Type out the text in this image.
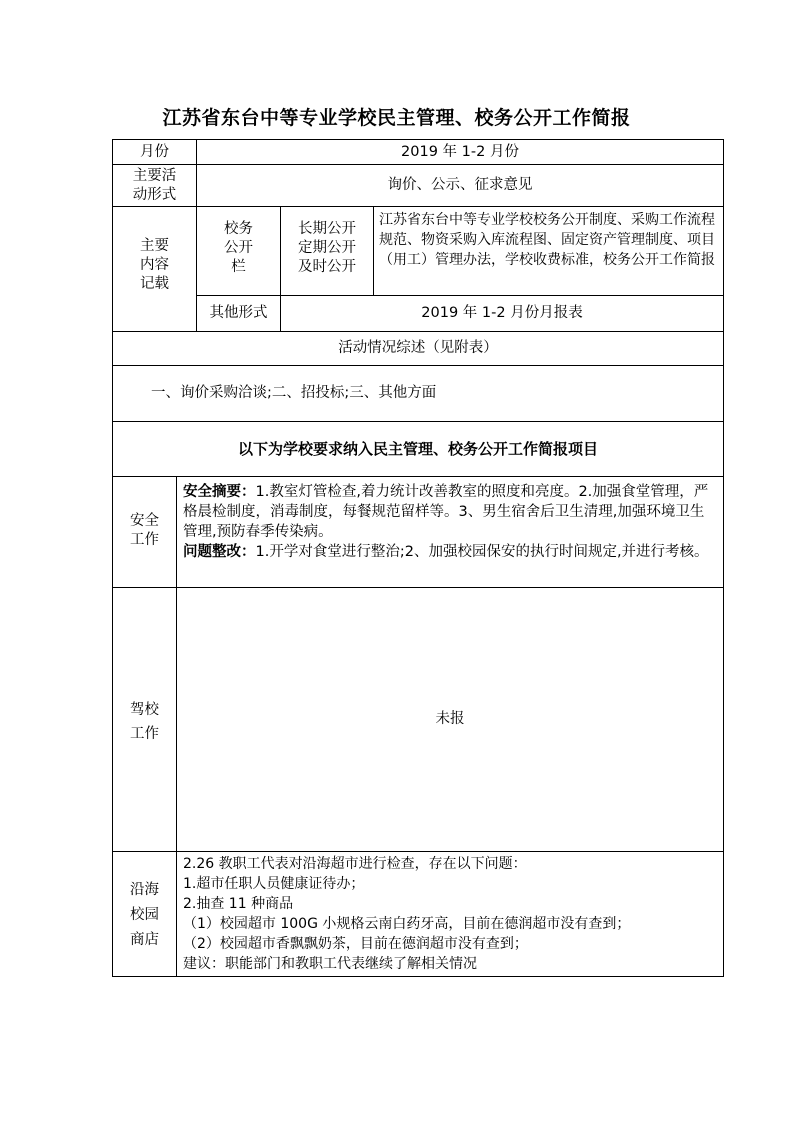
江苏省东台中等专业学校民主管理、校务公开工作简报
月份	2019 年 1-2 月份

主要活

动形式

询价、公示、征求意见

主要

内容

记载

校务

公开

栏

长期公开

定期公开

及时公开

江苏省东台中等专业学校校务公开制度、采购工作流程规范、物资采购入库流程图、固定资产管理制度、项目（用工）管理办法，学校收费标准，校务公开工作简报
其他形式	2019 年 1-2 月份月报表
活动情况综述（见附表）
一、询价采购洽谈;二、招投标;三、其他方面
以下为学校要求纳入民主管理、校务公开工作简报项目

安全

工作

安全摘要：1.教室灯管检查,着力统计改善教室的照度和亮度。2.加强食堂管理，严格晨检制度，消毒制度，每餐规范留样等。3、男生宿舍后卫生清理,加强环境卫生管理,预防春季传染病。

问题整改：1.开学对食堂进行整治;2、加强校园保安的执行时间规定,并进行考核。

驾校

工作

未报

沿海

校园

商店

2.26 教职工代表对沿海超市进行检查，存在以下问题：

1.超市任职人员健康证待办；

2.抽查 11 种商品

（1）校园超市 100G 小规格云南白药牙高，目前在德润超市没有查到；

（2）校园超市香飘飘奶茶，目前在德润超市没有查到；

建议：职能部门和教职工代表继续了解相关情况
